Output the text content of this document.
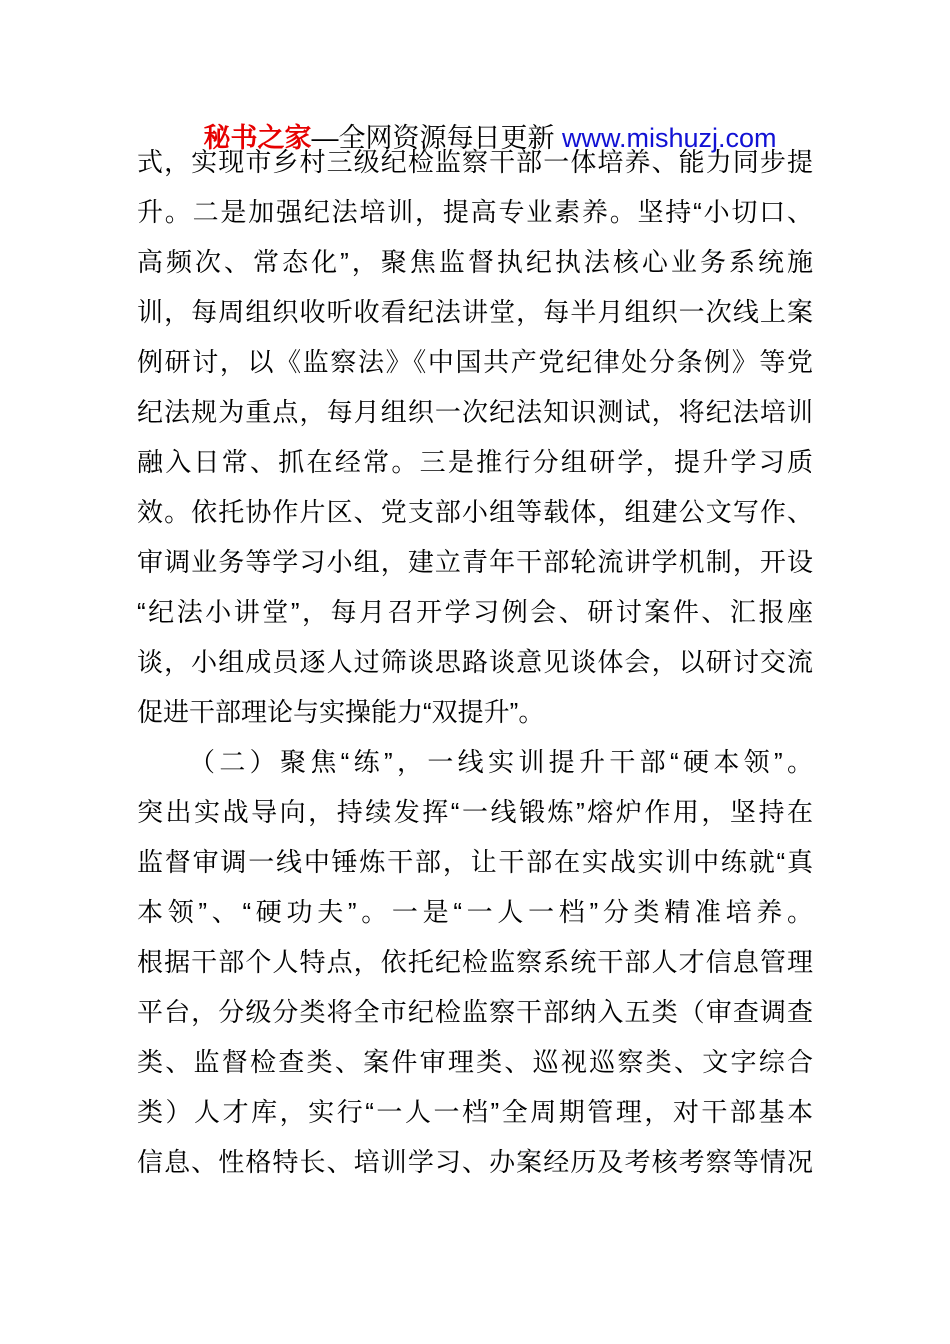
秘书之家—全网资源每日更新 www.mishuzj.com

式，实现市乡村三级纪检监察干部一体培养、能力同步提
升。二是加强纪法培训，提高专业素养。坚持“小切口、
高频次、常态化”，聚焦监督执纪执法核心业务系统施
训，每周组织收听收看纪法讲堂，每半月组织一次线上案
例研讨，以《监察法》《中国共产党纪律处分条例》等党
纪法规为重点，每月组织一次纪法知识测试，将纪法培训
融入日常、抓在经常。三是推行分组研学，提升学习质
效。依托协作片区、党支部小组等载体，组建公文写作、
审调业务等学习小组，建立青年干部轮流讲学机制，开设
“纪法小讲堂”，每月召开学习例会、研讨案件、汇报座
谈，小组成员逐人过筛谈思路谈意见谈体会，以研讨交流
促进干部理论与实操能力“双提升”。
（二）聚焦“练”，一线实训提升干部“硬本领”。
突出实战导向，持续发挥“一线锻炼”熔炉作用，坚持在
监督审调一线中锤炼干部，让干部在实战实训中练就“真
本领”、“硬功夫”。一是“一人一档”分类精准培养。
根据干部个人特点，依托纪检监察系统干部人才信息管理
平台，分级分类将全市纪检监察干部纳入五类（审查调查
类、监督检查类、案件审理类、巡视巡察类、文字综合
类）人才库，实行“一人一档”全周期管理，对干部基本
信息、性格特长、培训学习、办案经历及考核考察等情况
